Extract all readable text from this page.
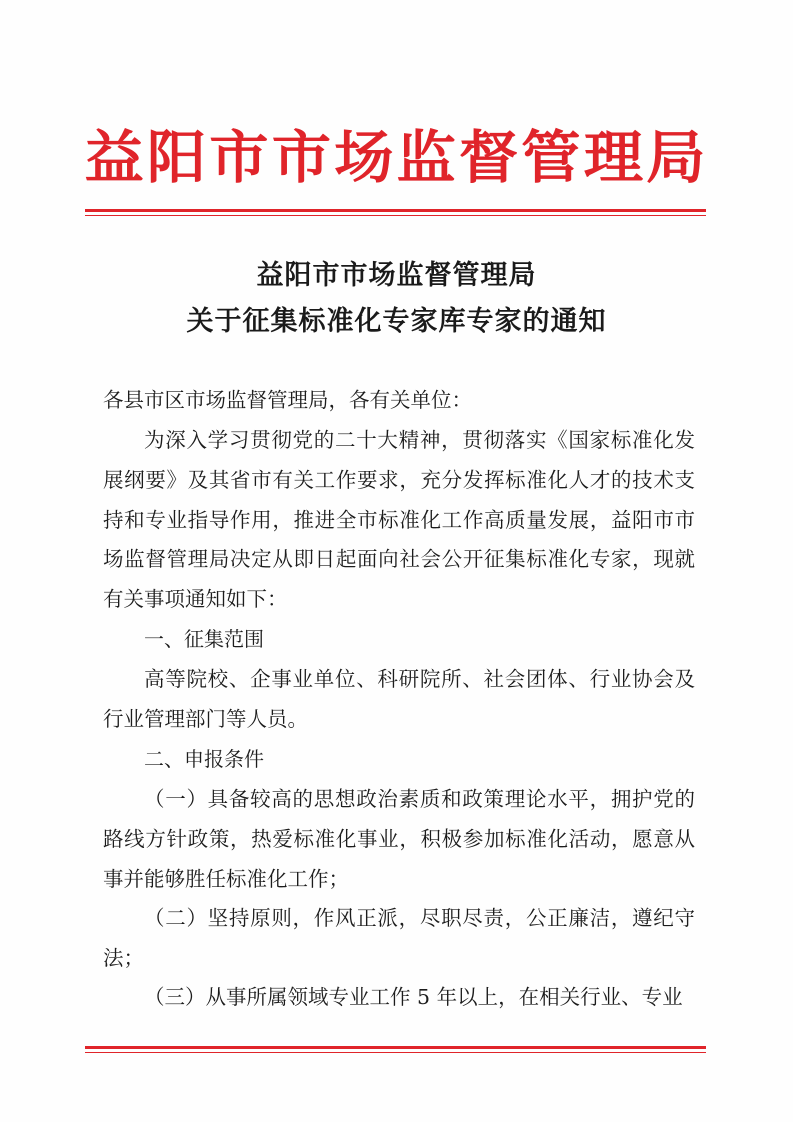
益阳市市场监督管理局
益阳市市场监督管理局
关于征集标准化专家库专家的通知
各县市区市场监督管理局，各有关单位：
为深入学习贯彻党的二十大精神，贯彻落实《国家标准化发展纲要》及其省市有关工作要求，充分发挥标准化人才的技术支持和专业指导作用，推进全市标准化工作高质量发展，益阳市市场监督管理局决定从即日起面向社会公开征集标准化专家，现就有关事项通知如下：
一、征集范围
高等院校、企事业单位、科研院所、社会团体、行业协会及行业管理部门等人员。
二、申报条件
（一）具备较高的思想政治素质和政策理论水平，拥护党的路线方针政策，热爱标准化事业，积极参加标准化活动，愿意从事并能够胜任标准化工作；
（二）坚持原则，作风正派，尽职尽责，公正廉洁，遵纪守法；
（三）从事所属领域专业工作 5 年以上，在相关行业、专业
